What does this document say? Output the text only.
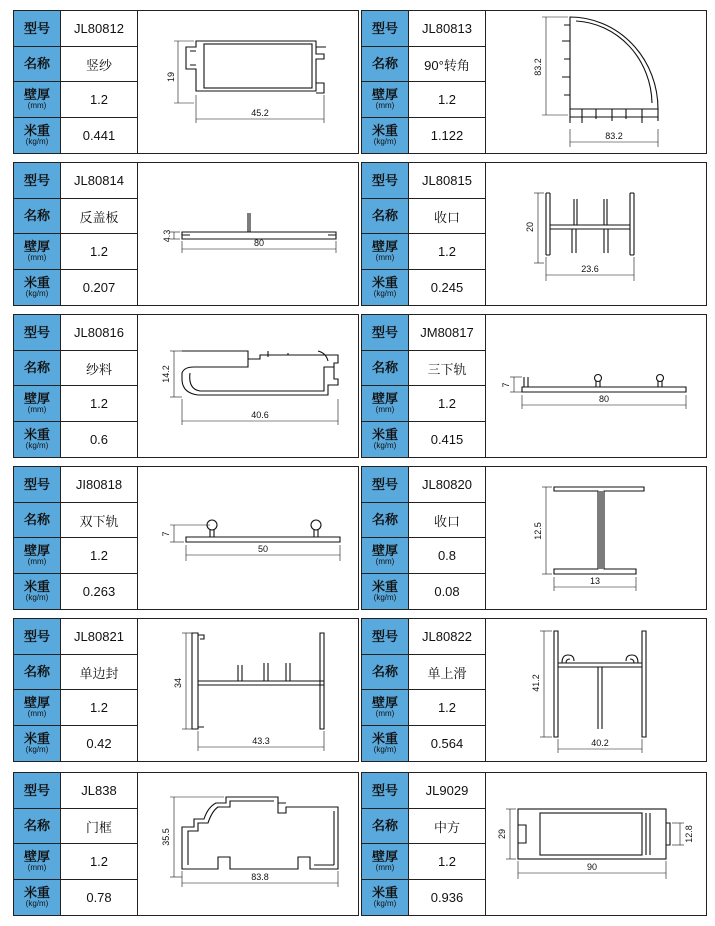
型号	JL80812
名称	竖纱
壁厚
(mm)	1.2
米重
(kg/m)	0.441
19
45.2
型号	JL80813
名称	90°转角
壁厚
(mm)	1.2
米重
(kg/m)	1.122
83.2
83.2
型号	JL80814
名称	反盖板
壁厚
(mm)	1.2
米重
(kg/m)	0.207
4.3
80
型号	JL80815
名称	收口
壁厚
(mm)	1.2
米重
(kg/m)	0.245
20
23.6
型号	JL80816
名称	纱料
壁厚
(mm)	1.2
米重
(kg/m)	0.6
14.2
40.6
型号	JM80817
名称	三下轨
壁厚
(mm)	1.2
米重
(kg/m)	0.415
7
80
型号	JI80818
名称	双下轨
壁厚
(mm)	1.2
米重
(kg/m)	0.263
7
50
型号	JL80820
名称	收口
壁厚
(mm)	0.8
米重
(kg/m)	0.08
12.5
13
型号	JL80821
名称	单边封
壁厚
(mm)	1.2
米重
(kg/m)	0.42
34
43.3
型号	JL80822
名称	单上滑
壁厚
(mm)	1.2
米重
(kg/m)	0.564
41.2
40.2
型号	JL838
名称	门框
壁厚
(mm)	1.2
米重
(kg/m)	0.78
35.5
83.8
型号	JL9029
名称	中方
壁厚
(mm)	1.2
米重
(kg/m)	0.936
29
90
12.8
